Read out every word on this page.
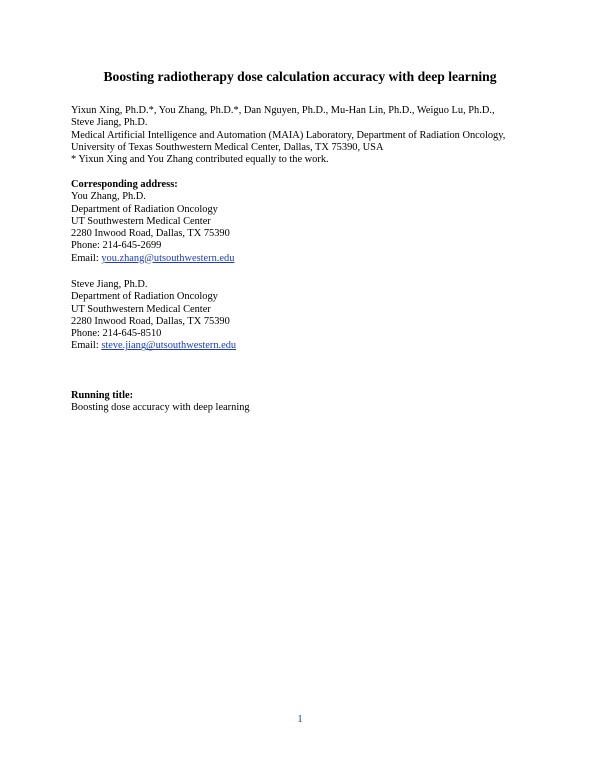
Boosting radiotherapy dose calculation accuracy with deep learning
Yixun Xing, Ph.D.*, You Zhang, Ph.D.*, Dan Nguyen, Ph.D., Mu-Han Lin, Ph.D., Weiguo Lu, Ph.D.,
Steve Jiang, Ph.D.
Medical Artificial Intelligence and Automation (MAIA) Laboratory, Department of Radiation Oncology,
University of Texas Southwestern Medical Center, Dallas, TX 75390, USA
* Yixun Xing and You Zhang contributed equally to the work.
Corresponding address:
You Zhang, Ph.D.
Department of Radiation Oncology
UT Southwestern Medical Center
2280 Inwood Road, Dallas, TX 75390
Phone: 214-645-2699
Email: you.zhang@utsouthwestern.edu
Steve Jiang, Ph.D.
Department of Radiation Oncology
UT Southwestern Medical Center
2280 Inwood Road, Dallas, TX 75390
Phone: 214-645-8510
Email: steve.jiang@utsouthwestern.edu
Running title:
Boosting dose accuracy with deep learning
1
